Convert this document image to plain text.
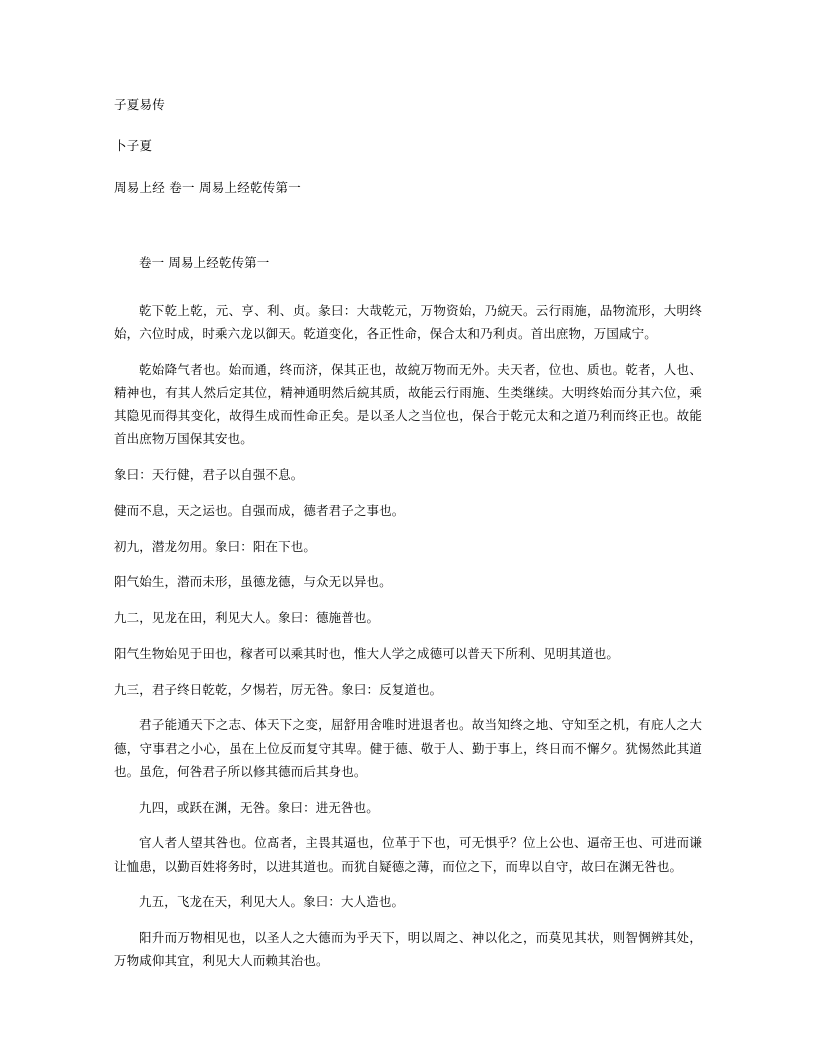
子夏易传

卜子夏

周易上经 卷一 周易上经乾传第一

卷一 周易上经乾传第一

乾下乾上乾，元、亨、利、贞。彖曰：大哉乾元，万物资始，乃綂天。云行雨施，品物流形，大明终始，六位时成，时乘六龙以御天。乾道变化，各正性命，保合太和乃利贞。首出庶物，万国咸宁。

乾始降气者也。始而通，终而济，保其正也，故綂万物而无外。夫天者，位也、质也。乾者，人也、精神也，有其人然后定其位，精神通明然后綂其质，故能云行雨施、生类继续。大明终始而分其六位，乘其隐见而得其变化，故得生成而性命正矣。是以圣人之当位也，保合于乾元太和之道乃利而终正也。故能首出庶物万国保其安也。

象曰：天行健，君子以自强不息。

健而不息，天之运也。自强而成，德者君子之事也。

初九，潜龙勿用。象曰：阳在下也。

阳气始生，潜而未形，虽德龙德，与众无以异也。

九二，见龙在田，利见大人。象曰：德施普也。

阳气生物始见于田也，稼者可以乘其时也，惟大人学之成德可以普天下所利、见明其道也。

九三，君子终日乾乾，夕惕若，厉无咎。象曰：反复道也。

君子能通天下之志、体天下之变，屈舒用舍唯时进退者也。故当知终之地、守知至之机，有庇人之大德，守事君之小心，虽在上位反而复守其卑。健于德、敬于人、勤于事上，终日而不懈夕。犹惕然此其道也。虽危，何咎君子所以修其德而后其身也。

九四，或跃在渊，无咎。象曰：进无咎也。

官人者人望其咎也。位髙者，主畏其逼也，位革于下也，可无惧乎？位上公也、逼帝王也、可进而谦让恤患，以勤百姓将务时，以进其道也。而犹自疑德之薄，而位之下，而卑以自守，故曰在渊无咎也。

九五，飞龙在天，利见大人。象曰：大人造也。

阳升而万物相见也，以圣人之大德而为乎天下，明以周之、神以化之，而莫见其状，则智惆辨其处，万物咸仰其宜，利见大人而赖其治也。
